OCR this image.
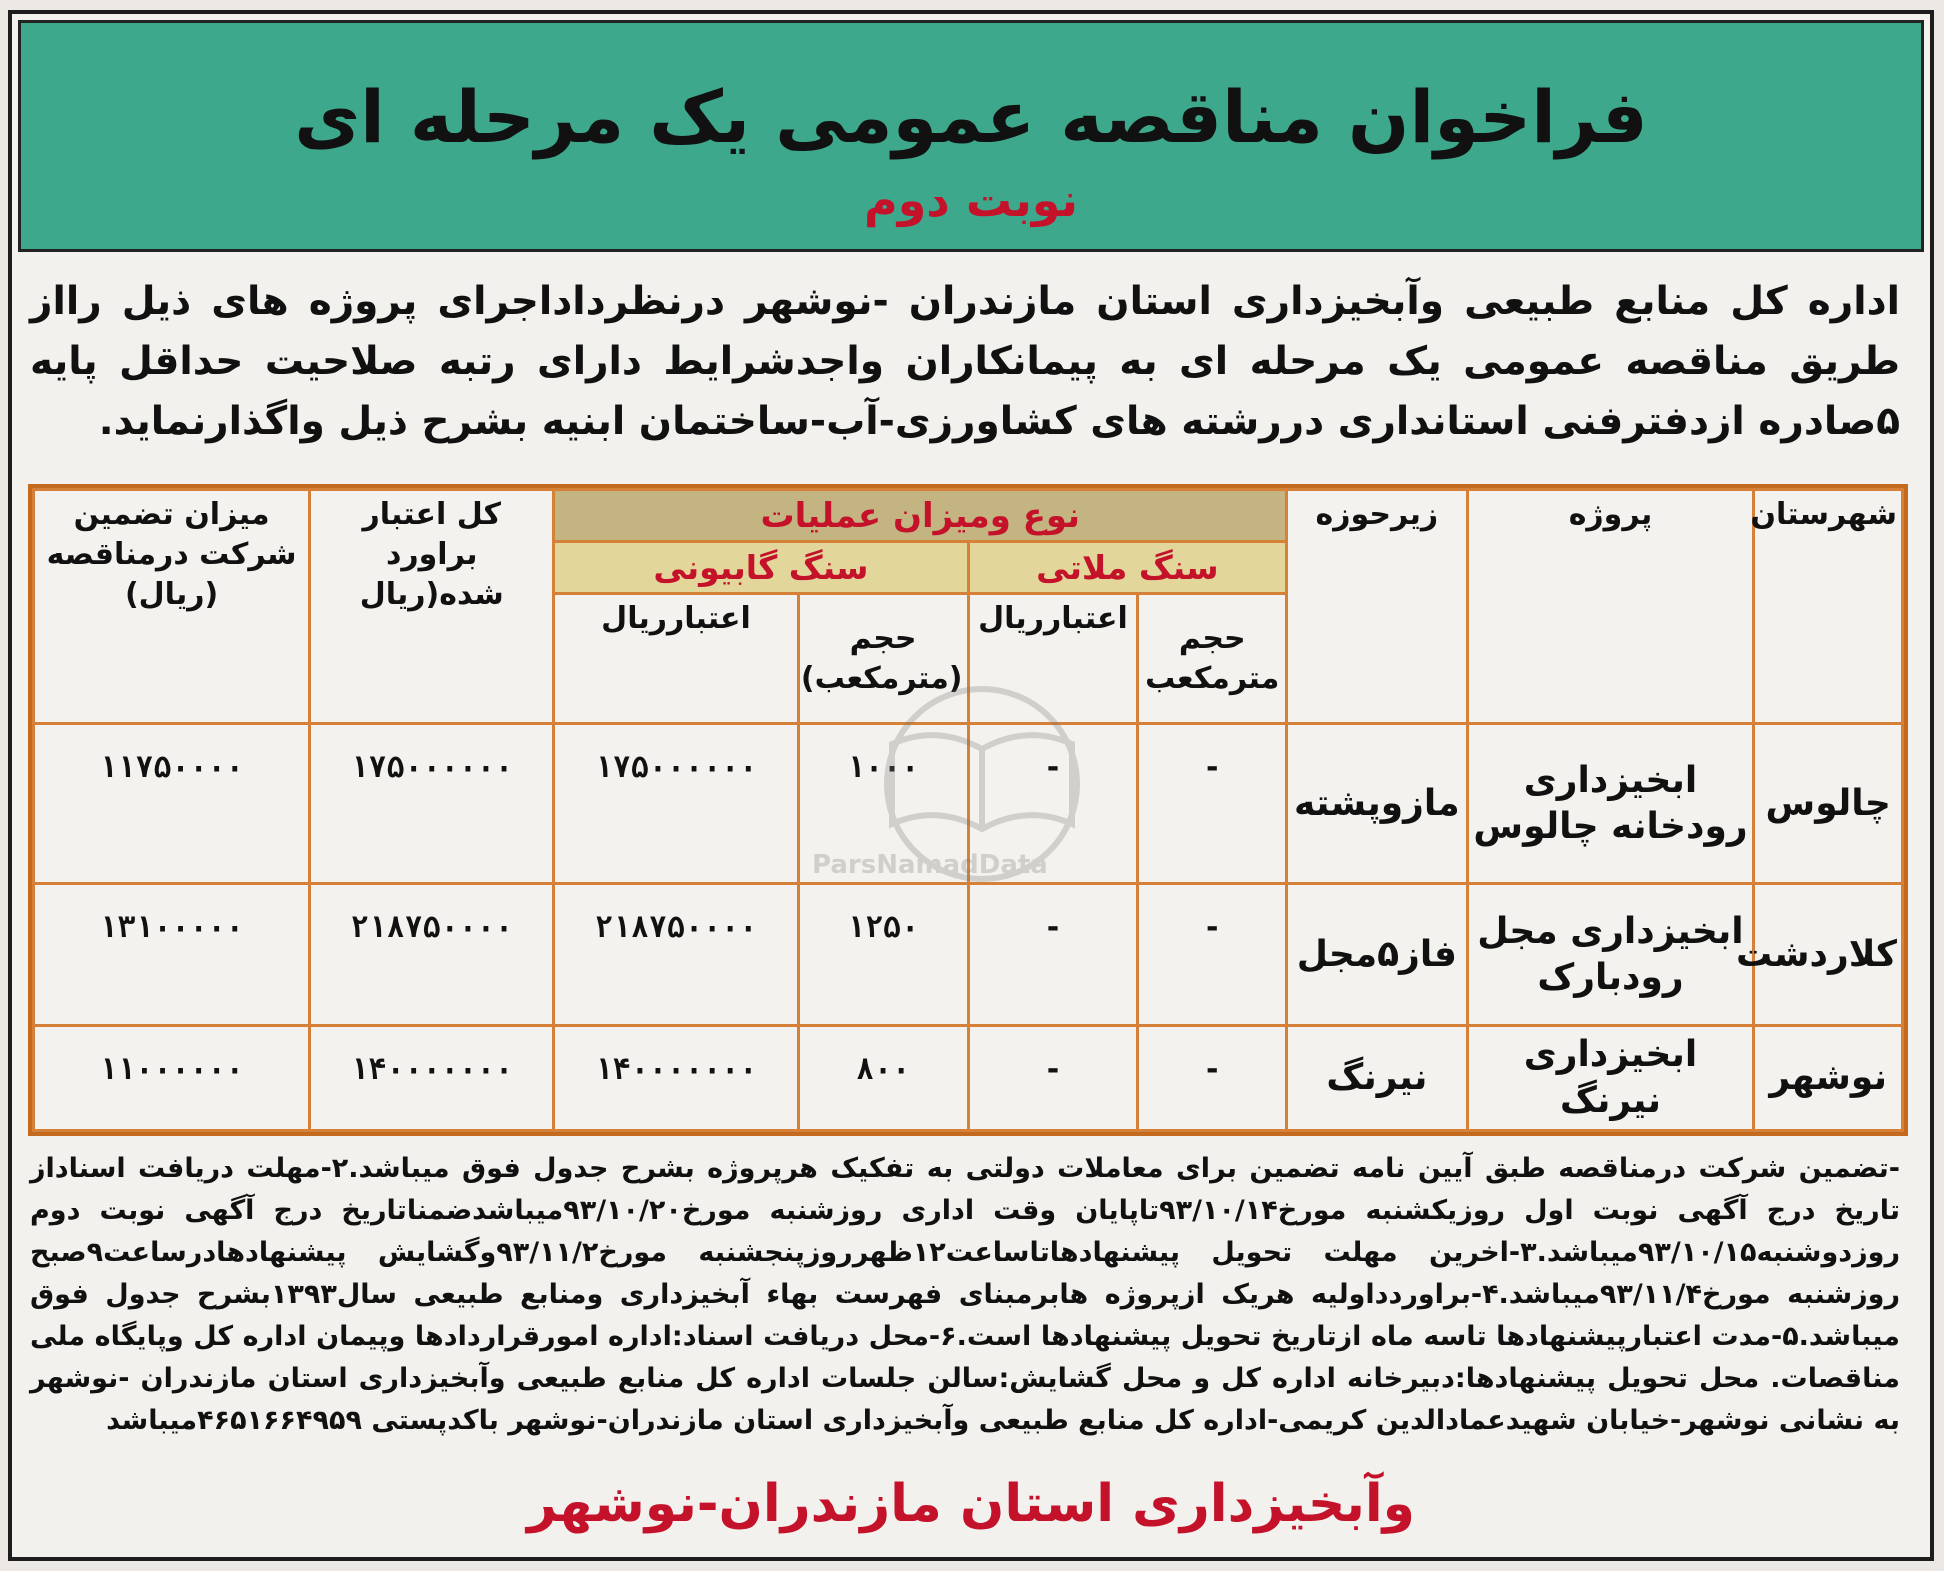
فراخوان مناقصه عمومی یک مرحله ای
نوبت دوم
اداره کل منابع طبیعی وآبخیزداری استان مازندران -نوشهر درنظرداداجرای پروژه های ذیل رااز طریق مناقصه عمومی یک مرحله ای به پیمانکاران واجدشرایط دارای رتبه صلاحیت حداقل پایه ۵صادره ازدفترفنی استانداری دررشته های کشاورزی-آب-ساختمان ابنیه بشرح ذیل واگذارنماید.
شهرستان	پروژه	زیرحوزه	نوع ومیزان عملیات				کل اعتبار براورد شده(ریال	میزان تضمین شرکت درمناقصه (ریال)
			سنگ ملاتی		سنگ گابیونی			
			حجم مترمکعب	اعتبارریال	حجم (مترمکعب)	اعتبارریال		
چالوس	ابخیزداری رودخانه چالوس	مازوپشته	-	-	۱۰۰۰	۱۷۵۰۰۰۰۰۰	۱۷۵۰۰۰۰۰۰	۱۱۷۵۰۰۰۰
کلاردشت	ابخیزداری مجل رودبارک	فاز۵مجل	-	-	۱۲۵۰	۲۱۸۷۵۰۰۰۰	۲۱۸۷۵۰۰۰۰	۱۳۱۰۰۰۰۰
نوشهر	ابخیزداری نیرنگ	نیرنگ	-	-	۸۰۰	۱۴۰۰۰۰۰۰۰	۱۴۰۰۰۰۰۰۰	۱۱۰۰۰۰۰۰
ParsNamadData
-تضمین شرکت درمناقصه طبق آیین نامه تضمین برای معاملات دولتی به تفکیک هرپروژه بشرح جدول فوق میباشد.۲-مهلت دریافت اسناداز تاریخ درج آگهی نوبت اول روزیکشنبه مورخ۹۳/۱۰/۱۴تاپایان وقت اداری روزشنبه مورخ۹۳/۱۰/۲۰میباشدضمناتاریخ درج آگهی نوبت دوم روزدوشنبه۹۳/۱۰/۱۵میباشد.۳-اخرین مهلت تحویل پیشنهادهاتاساعت۱۲ظهرروزپنجشنبه مورخ۹۳/۱۱/۲وگشایش پیشنهادهادرساعت۹صبح روزشنبه مورخ۹۳/۱۱/۴میباشد.۴-براوردداولیه هریک ازپروژه هابرمبنای فهرست بهاء آبخیزداری ومنابع طبیعی سال۱۳۹۳بشرح جدول فوق میباشد.۵-مدت اعتبارپیشنهادها تاسه ماه ازتاریخ تحویل پیشنهادها است.۶-محل دریافت اسناد:اداره امورقراردادها وپیمان اداره کل وپایگاه ملی مناقصات. محل تحویل پیشنهادها:دبیرخانه اداره کل و محل گشایش:سالن جلسات اداره کل منابع طبیعی وآبخیزداری استان مازندران -نوشهر به نشانی نوشهر-خیابان شهیدعمادالدین کریمی-اداره کل منابع طبیعی وآبخیزداری استان مازندران-نوشهر باکدپستی ۴۶۵۱۶۶۴۹۵۹میباشد
وآبخیزداری استان مازندران-نوشهر
